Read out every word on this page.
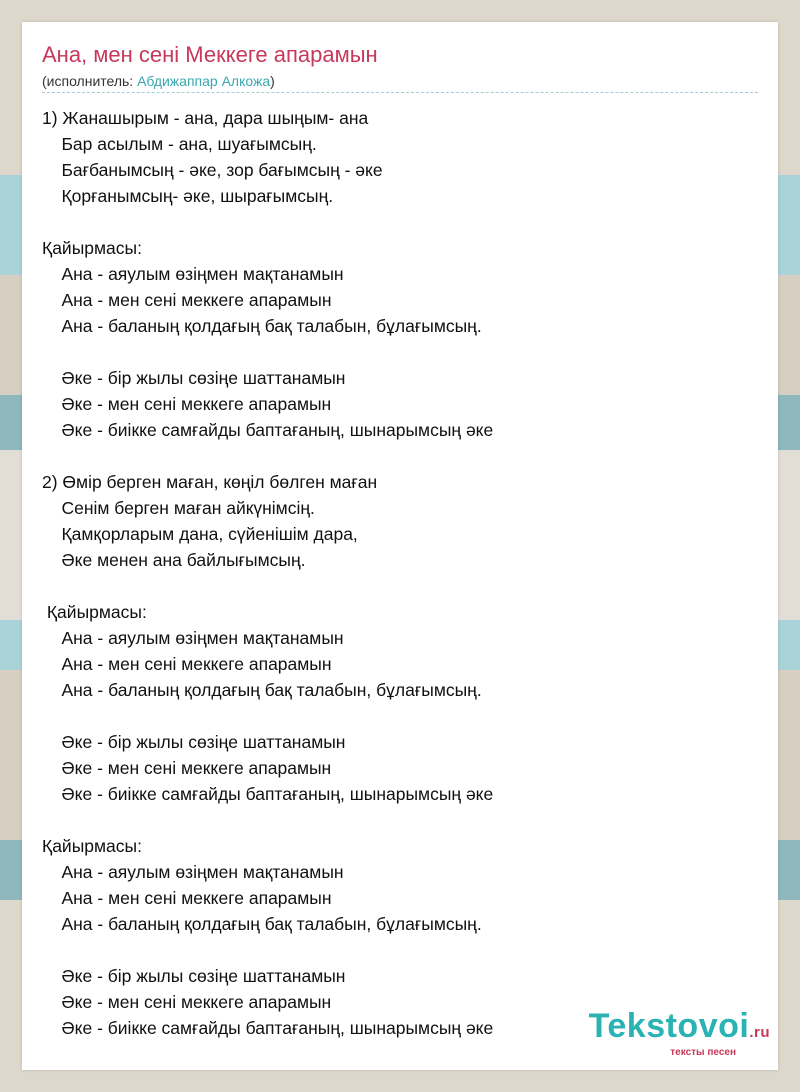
Ана, мен сені Меккеге апарамын
(исполнитель: Абдижаппар Алкожа)
1) Жанашырым - ана, дара шыңым- ана
Бар асылым - ана, шуағымсың.
Бағбанымсың - әке, зор бағымсың - әке
Қорғанымсың- әке, шырағымсың.

Қайырмасы:
Ана - аяулым өзіңмен мақтанамын
Ана - мен сені меккеге апарамын
Ана - баланың қолдағың бақ талабын, бұлағымсың.

Әке - бір жылы сөзіңе шаттанамын
Әке - мен сені меккеге апарамын
Әке - биікке самғайды баптағаның, шынарымсың әке

2) Өмір берген маған, көңіл бөлген маған
Сенім берген маған айкүнімсің.
Қамқорларым дана, сүйенішім дара,
Әке менен ана байлығымсың.

Қайырмасы:
Ана - аяулым өзіңмен мақтанамын
Ана - мен сені меккеге апарамын
Ана - баланың қолдағың бақ талабын, бұлағымсың.

Әке - бір жылы сөзіңе шаттанамын
Әке - мен сені меккеге апарамын
Әке - биікке самғайды баптағаның, шынарымсың әке

Қайырмасы:
Ана - аяулым өзіңмен мақтанамын
Ана - мен сені меккеге апарамын
Ана - баланың қолдағың бақ талабын, бұлағымсың.

Әке - бір жылы сөзіңе шаттанамын
Әке - мен сені меккеге апарамын
Әке - биікке самғайды баптағаның, шынарымсың әке	Tekstovoi.ru
тексты песен
